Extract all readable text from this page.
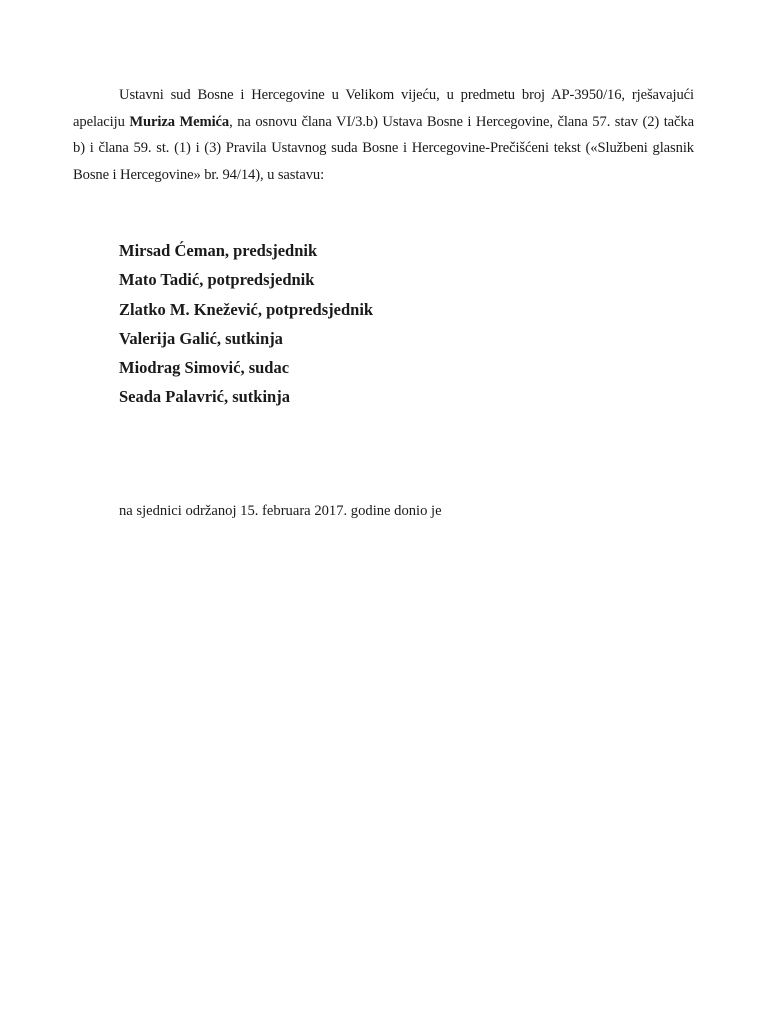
Ustavni sud Bosne i Hercegovine u Velikom vijeću, u predmetu broj AP-3950/16, rješavajući apelaciju Muriza Memića, na osnovu člana VI/3.b) Ustava Bosne i Hercegovine, člana 57. stav (2) tačka b) i člana 59. st. (1) i (3) Pravila Ustavnog suda Bosne i Hercegovine-Prečišćeni tekst («Službeni glasnik Bosne i Hercegovine» br. 94/14), u sastavu:

Mirsad Ćeman, predsjednik
Mato Tadić, potpredsjednik
Zlatko M. Knežević, potpredsjednik
Valerija Galić, sutkinja
Miodrag Simović, sudac
Seada Palavrić, sutkinja

na sjednici održanoj 15. februara 2017. godine donio je
